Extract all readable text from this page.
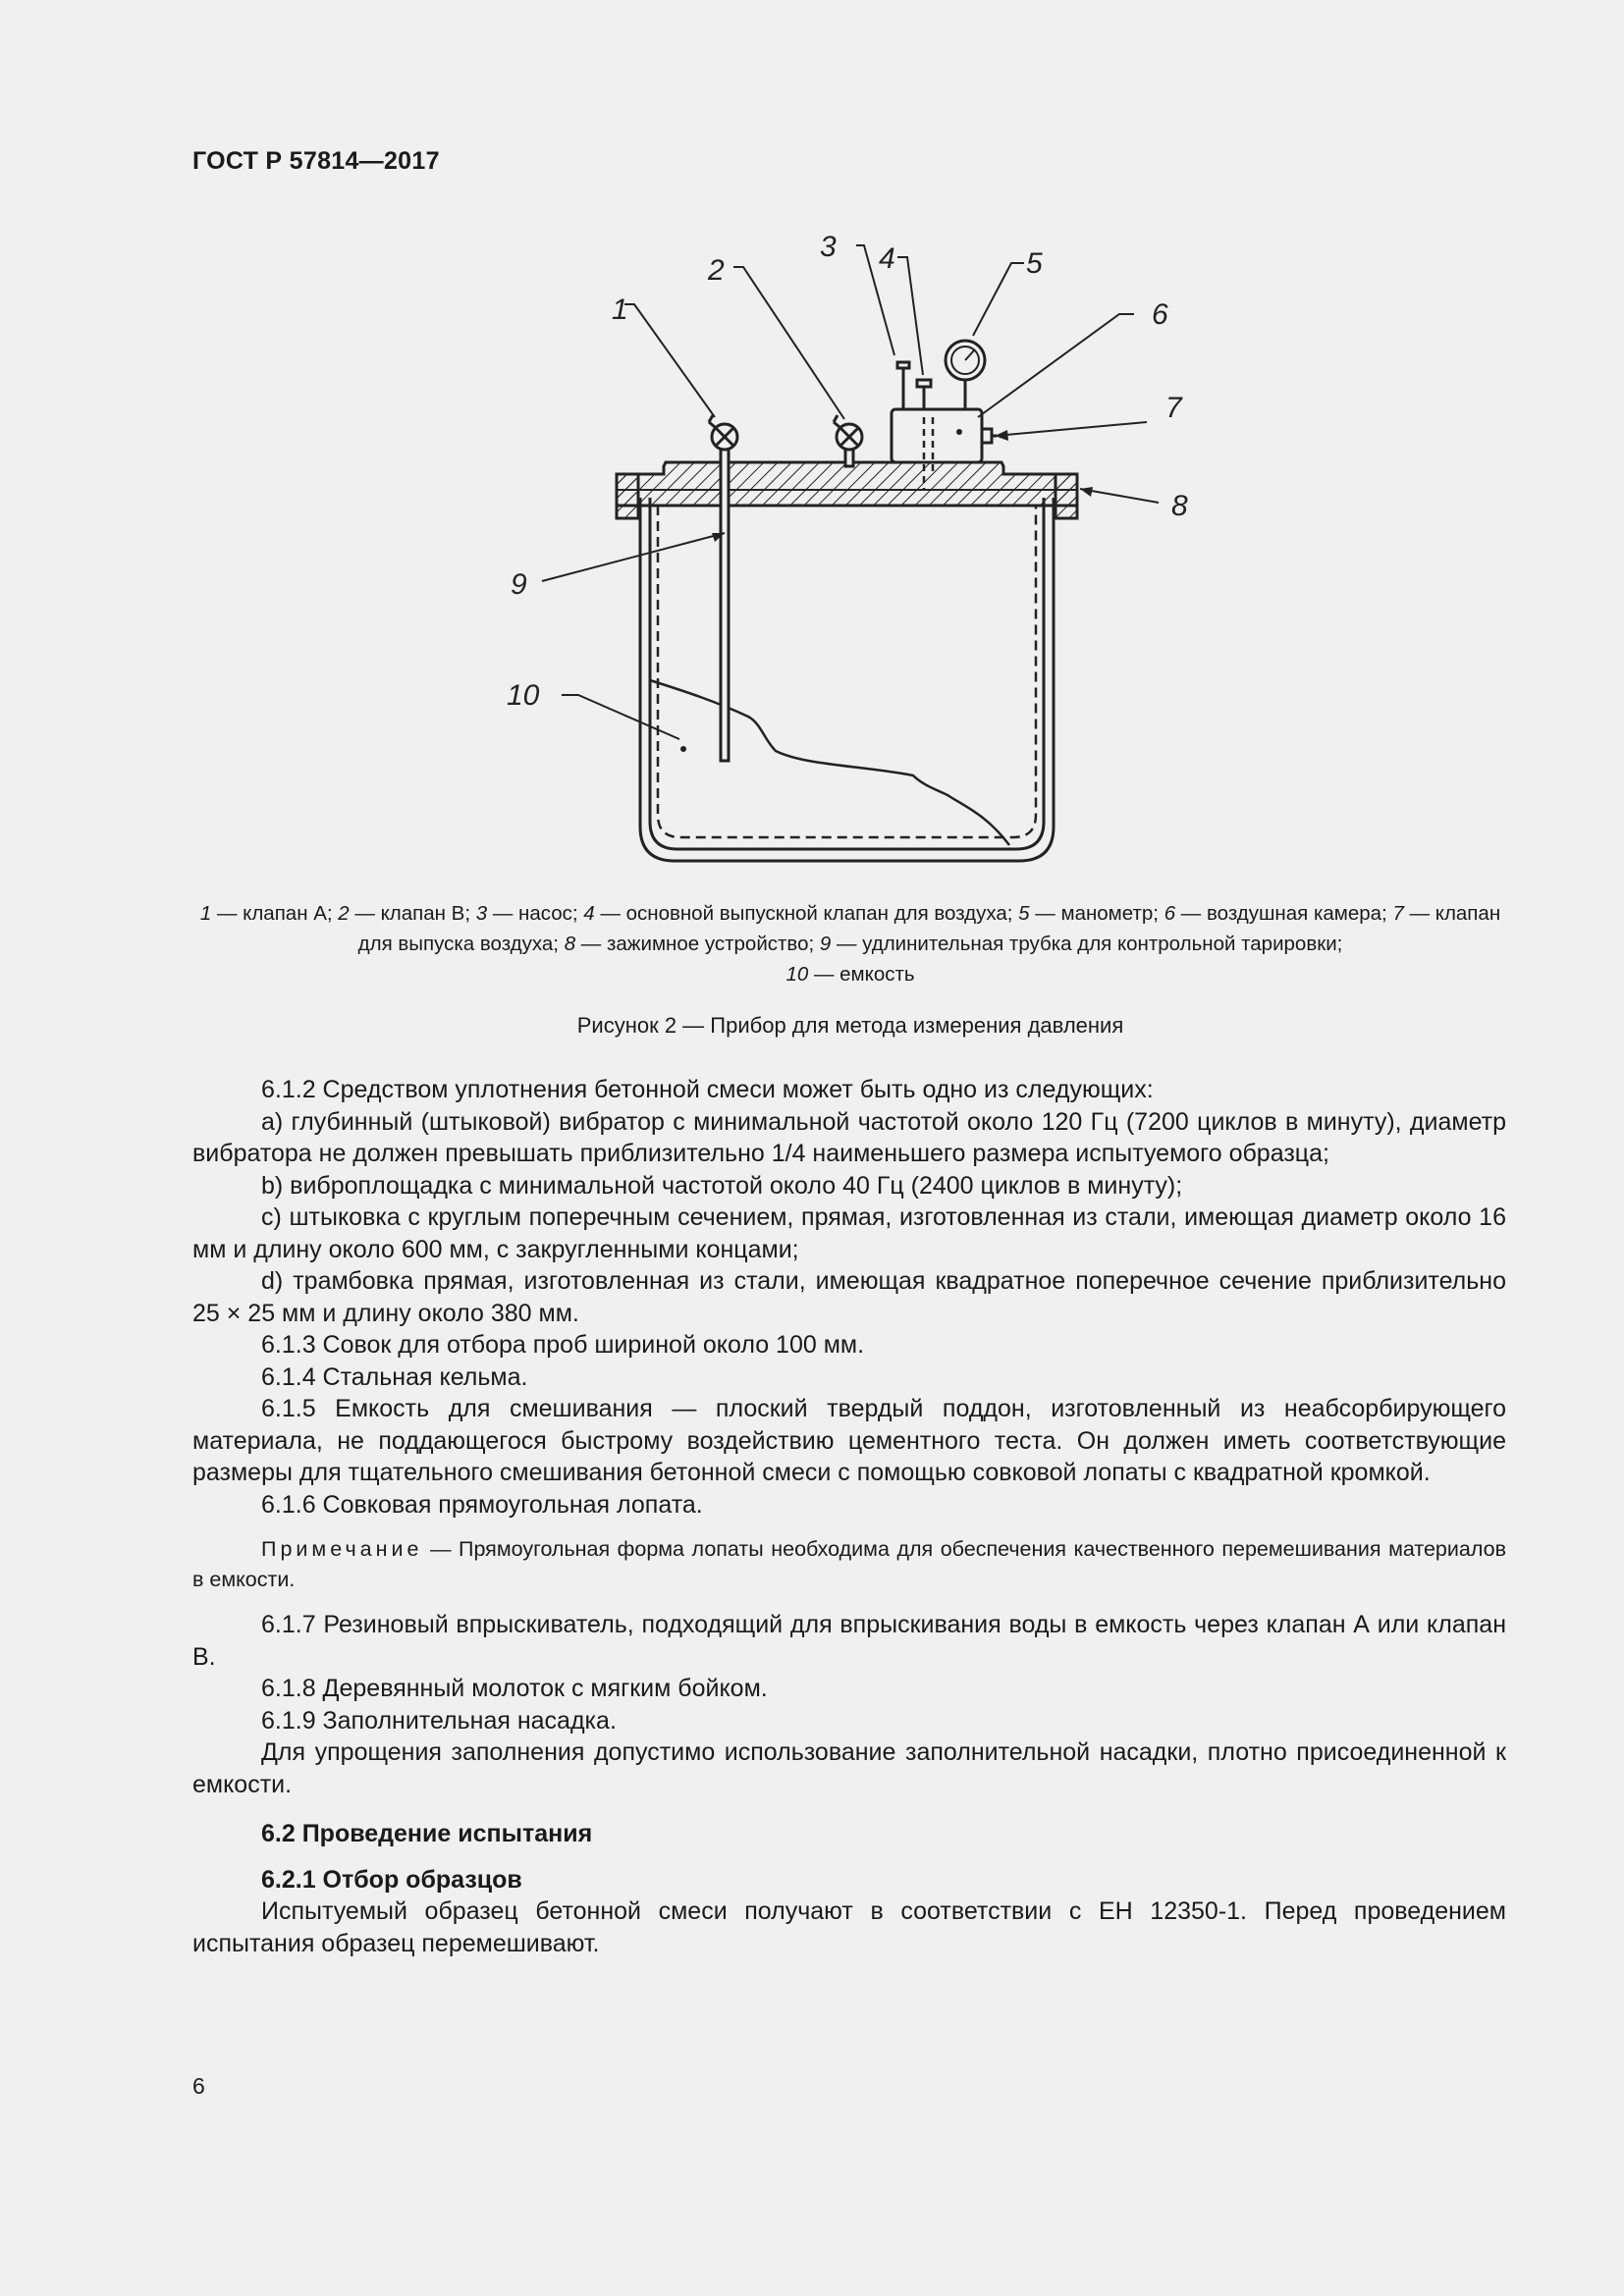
ГОСТ Р 57814—2017
1
2
3 4	5
6
7
8
9
10
1 — клапан А; 2 — клапан В; 3 — насос; 4 — основной выпускной клапан для воздуха; 5 — манометр; 6 — воздушная камера; 7 — клапан для выпуска воздуха; 8 — зажимное устройство; 9 — удлинительная трубка для контрольной тарировки;
10 — емкость
Рисунок 2 — Прибор для метода измерения давления

6.1.2 Средством уплотнения бетонной смеси может быть одно из следующих:

а) глубинный (штыковой) вибратор с минимальной частотой около 120 Гц (7200 циклов в минуту), диаметр вибратора не должен превышать приблизительно 1/4 наименьшего размера испытуемого образца;

b) виброплощадка с минимальной частотой около 40 Гц (2400 циклов в минуту);

с) штыковка с круглым поперечным сечением, прямая, изготовленная из стали, имеющая диаметр около 16 мм и длину около 600 мм, с закругленными концами;

d) трамбовка прямая, изготовленная из стали, имеющая квадратное поперечное сечение приблизительно 25 × 25 мм и длину около 380 мм.

6.1.3 Совок для отбора проб шириной около 100 мм.

6.1.4 Стальная кельма.

6.1.5 Емкость для смешивания — плоский твердый поддон, изготовленный из неабсорбирующего материала, не поддающегося быстрому воздействию цементного теста. Он должен иметь соответствующие размеры для тщательного смешивания бетонной смеси с помощью совковой лопаты с квадратной кромкой.

6.1.6 Совковая прямоугольная лопата.

Примечание — Прямоугольная форма лопаты необходима для обеспечения качественного перемешивания материалов в емкости.

6.1.7 Резиновый впрыскиватель, подходящий для впрыскивания воды в емкость через клапан А или клапан В.

6.1.8 Деревянный молоток с мягким бойком.

6.1.9 Заполнительная насадка.

Для упрощения заполнения допустимо использование заполнительной насадки, плотно присоединенной к емкости.

6.2 Проведение испытания
6.2.1 Отбор образцов

Испытуемый образец бетонной смеси получают в соответствии с ЕН 12350-1. Перед проведением испытания образец перемешивают.

6
